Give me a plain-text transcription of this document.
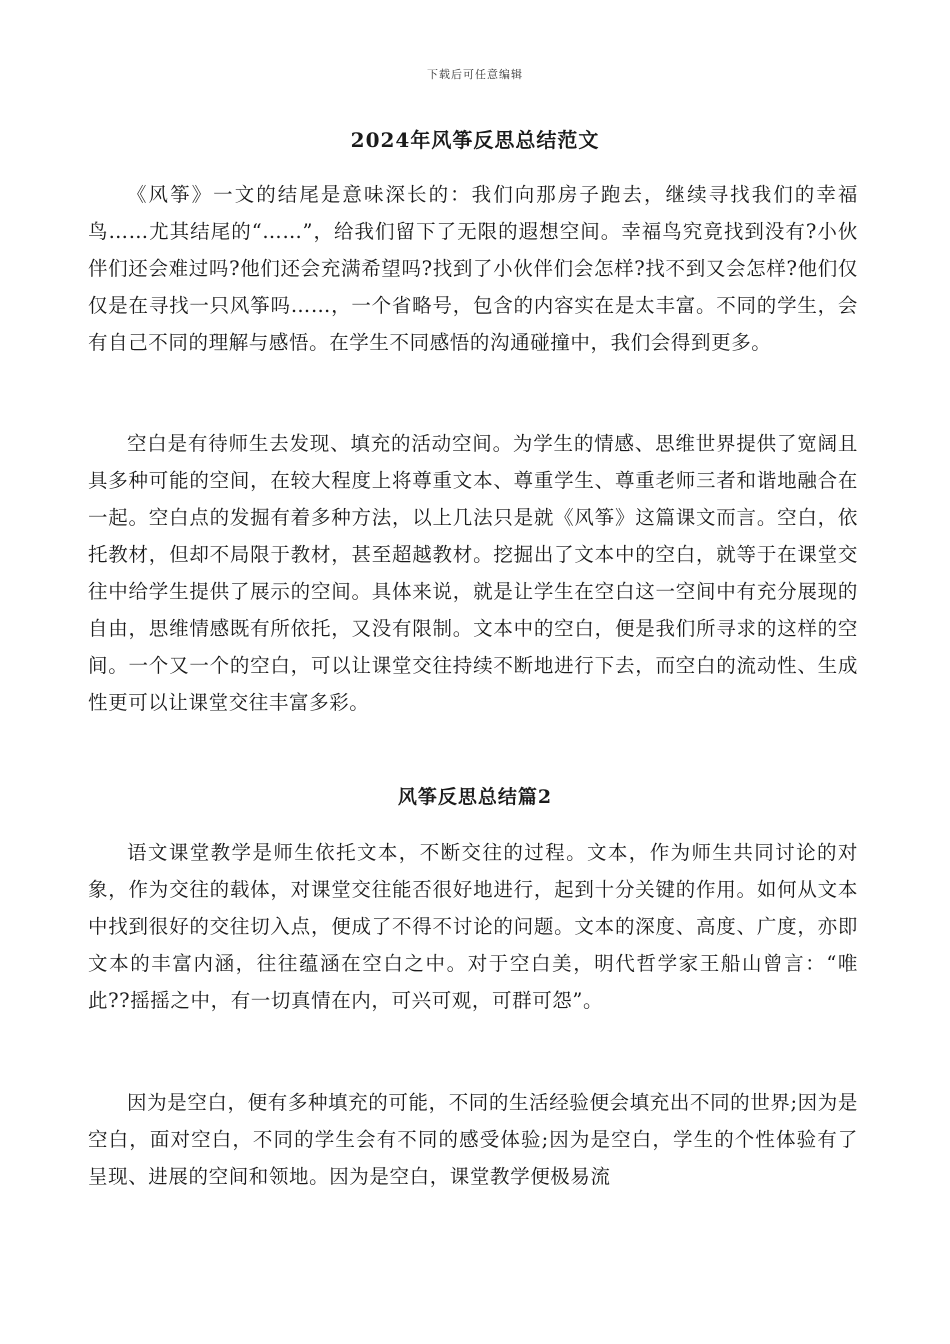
下载后可任意编辑
2024年风筝反思总结范文

《风筝》一文的结尾是意味深长的：我们向那房子跑去，继续寻找我们的幸福鸟……尤其结尾的“……”，给我们留下了无限的遐想空间。幸福鸟究竟找到没有?小伙伴们还会难过吗?他们还会充满希望吗?找到了小伙伴们会怎样?找不到又会怎样?他们仅仅是在寻找一只风筝吗……，一个省略号，包含的内容实在是太丰富。不同的学生，会有自己不同的理解与感悟。在学生不同感悟的沟通碰撞中，我们会得到更多。

空白是有待师生去发现、填充的活动空间。为学生的情感、思维世界提供了宽阔且具多种可能的空间，在较大程度上将尊重文本、尊重学生、尊重老师三者和谐地融合在一起。空白点的发掘有着多种方法，以上几法只是就《风筝》这篇课文而言。空白，依托教材，但却不局限于教材，甚至超越教材。挖掘出了文本中的空白，就等于在课堂交往中给学生提供了展示的空间。具体来说，就是让学生在空白这一空间中有充分展现的自由，思维情感既有所依托，又没有限制。文本中的空白，便是我们所寻求的这样的空间。一个又一个的空白，可以让课堂交往持续不断地进行下去，而空白的流动性、生成性更可以让课堂交往丰富多彩。

风筝反思总结篇2

语文课堂教学是师生依托文本，不断交往的过程。文本，作为师生共同讨论的对象，作为交往的载体，对课堂交往能否很好地进行，起到十分关键的作用。如何从文本中找到很好的交往切入点，便成了不得不讨论的问题。文本的深度、高度、广度，亦即文本的丰富内涵，往往蕴涵在空白之中。对于空白美，明代哲学家王船山曾言：“唯此??摇摇之中，有一切真情在内，可兴可观，可群可怨”。

因为是空白，便有多种填充的可能，不同的生活经验便会填充出不同的世界;因为是空白，面对空白，不同的学生会有不同的感受体验;因为是空白，学生的个性体验有了呈现、进展的空间和领地。因为是空白，课堂教学便极易流
